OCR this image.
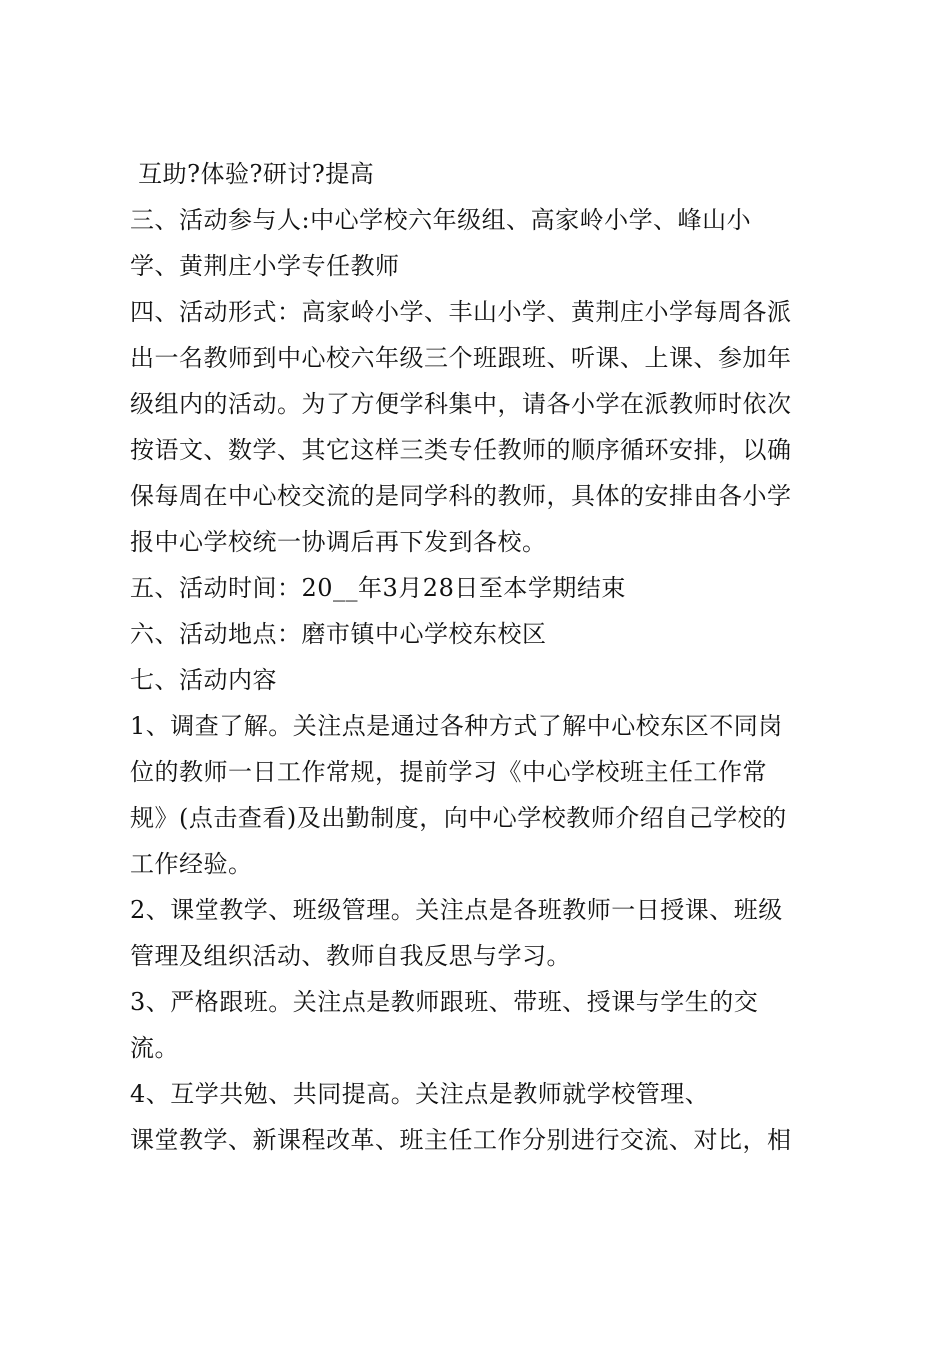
互助?体验?研讨?提高
三、活动参与人:中心学校六年级组、高家岭小学、峰山小
学、黄荆庄小学专任教师
四、活动形式：高家岭小学、丰山小学、黄荆庄小学每周各派
出一名教师到中心校六年级三个班跟班、听课、上课、参加年
级组内的活动。为了方便学科集中，请各小学在派教师时依次
按语文、数学、其它这样三类专任教师的顺序循环安排，以确
保每周在中心校交流的是同学科的教师，具体的安排由各小学
报中心学校统一协调后再下发到各校。
五、活动时间：20__年3月28日至本学期结束
六、活动地点：磨市镇中心学校东校区
七、活动内容
1、调查了解。关注点是通过各种方式了解中心校东区不同岗
位的教师一日工作常规，提前学习《中心学校班主任工作常
规》(点击查看)及出勤制度，向中心学校教师介绍自己学校的
工作经验。
2、课堂教学、班级管理。关注点是各班教师一日授课、班级
管理及组织活动、教师自我反思与学习。
3、严格跟班。关注点是教师跟班、带班、授课与学生的交
流。
4、互学共勉、共同提高。关注点是教师就学校管理、
课堂教学、新课程改革、班主任工作分别进行交流、对比，相
